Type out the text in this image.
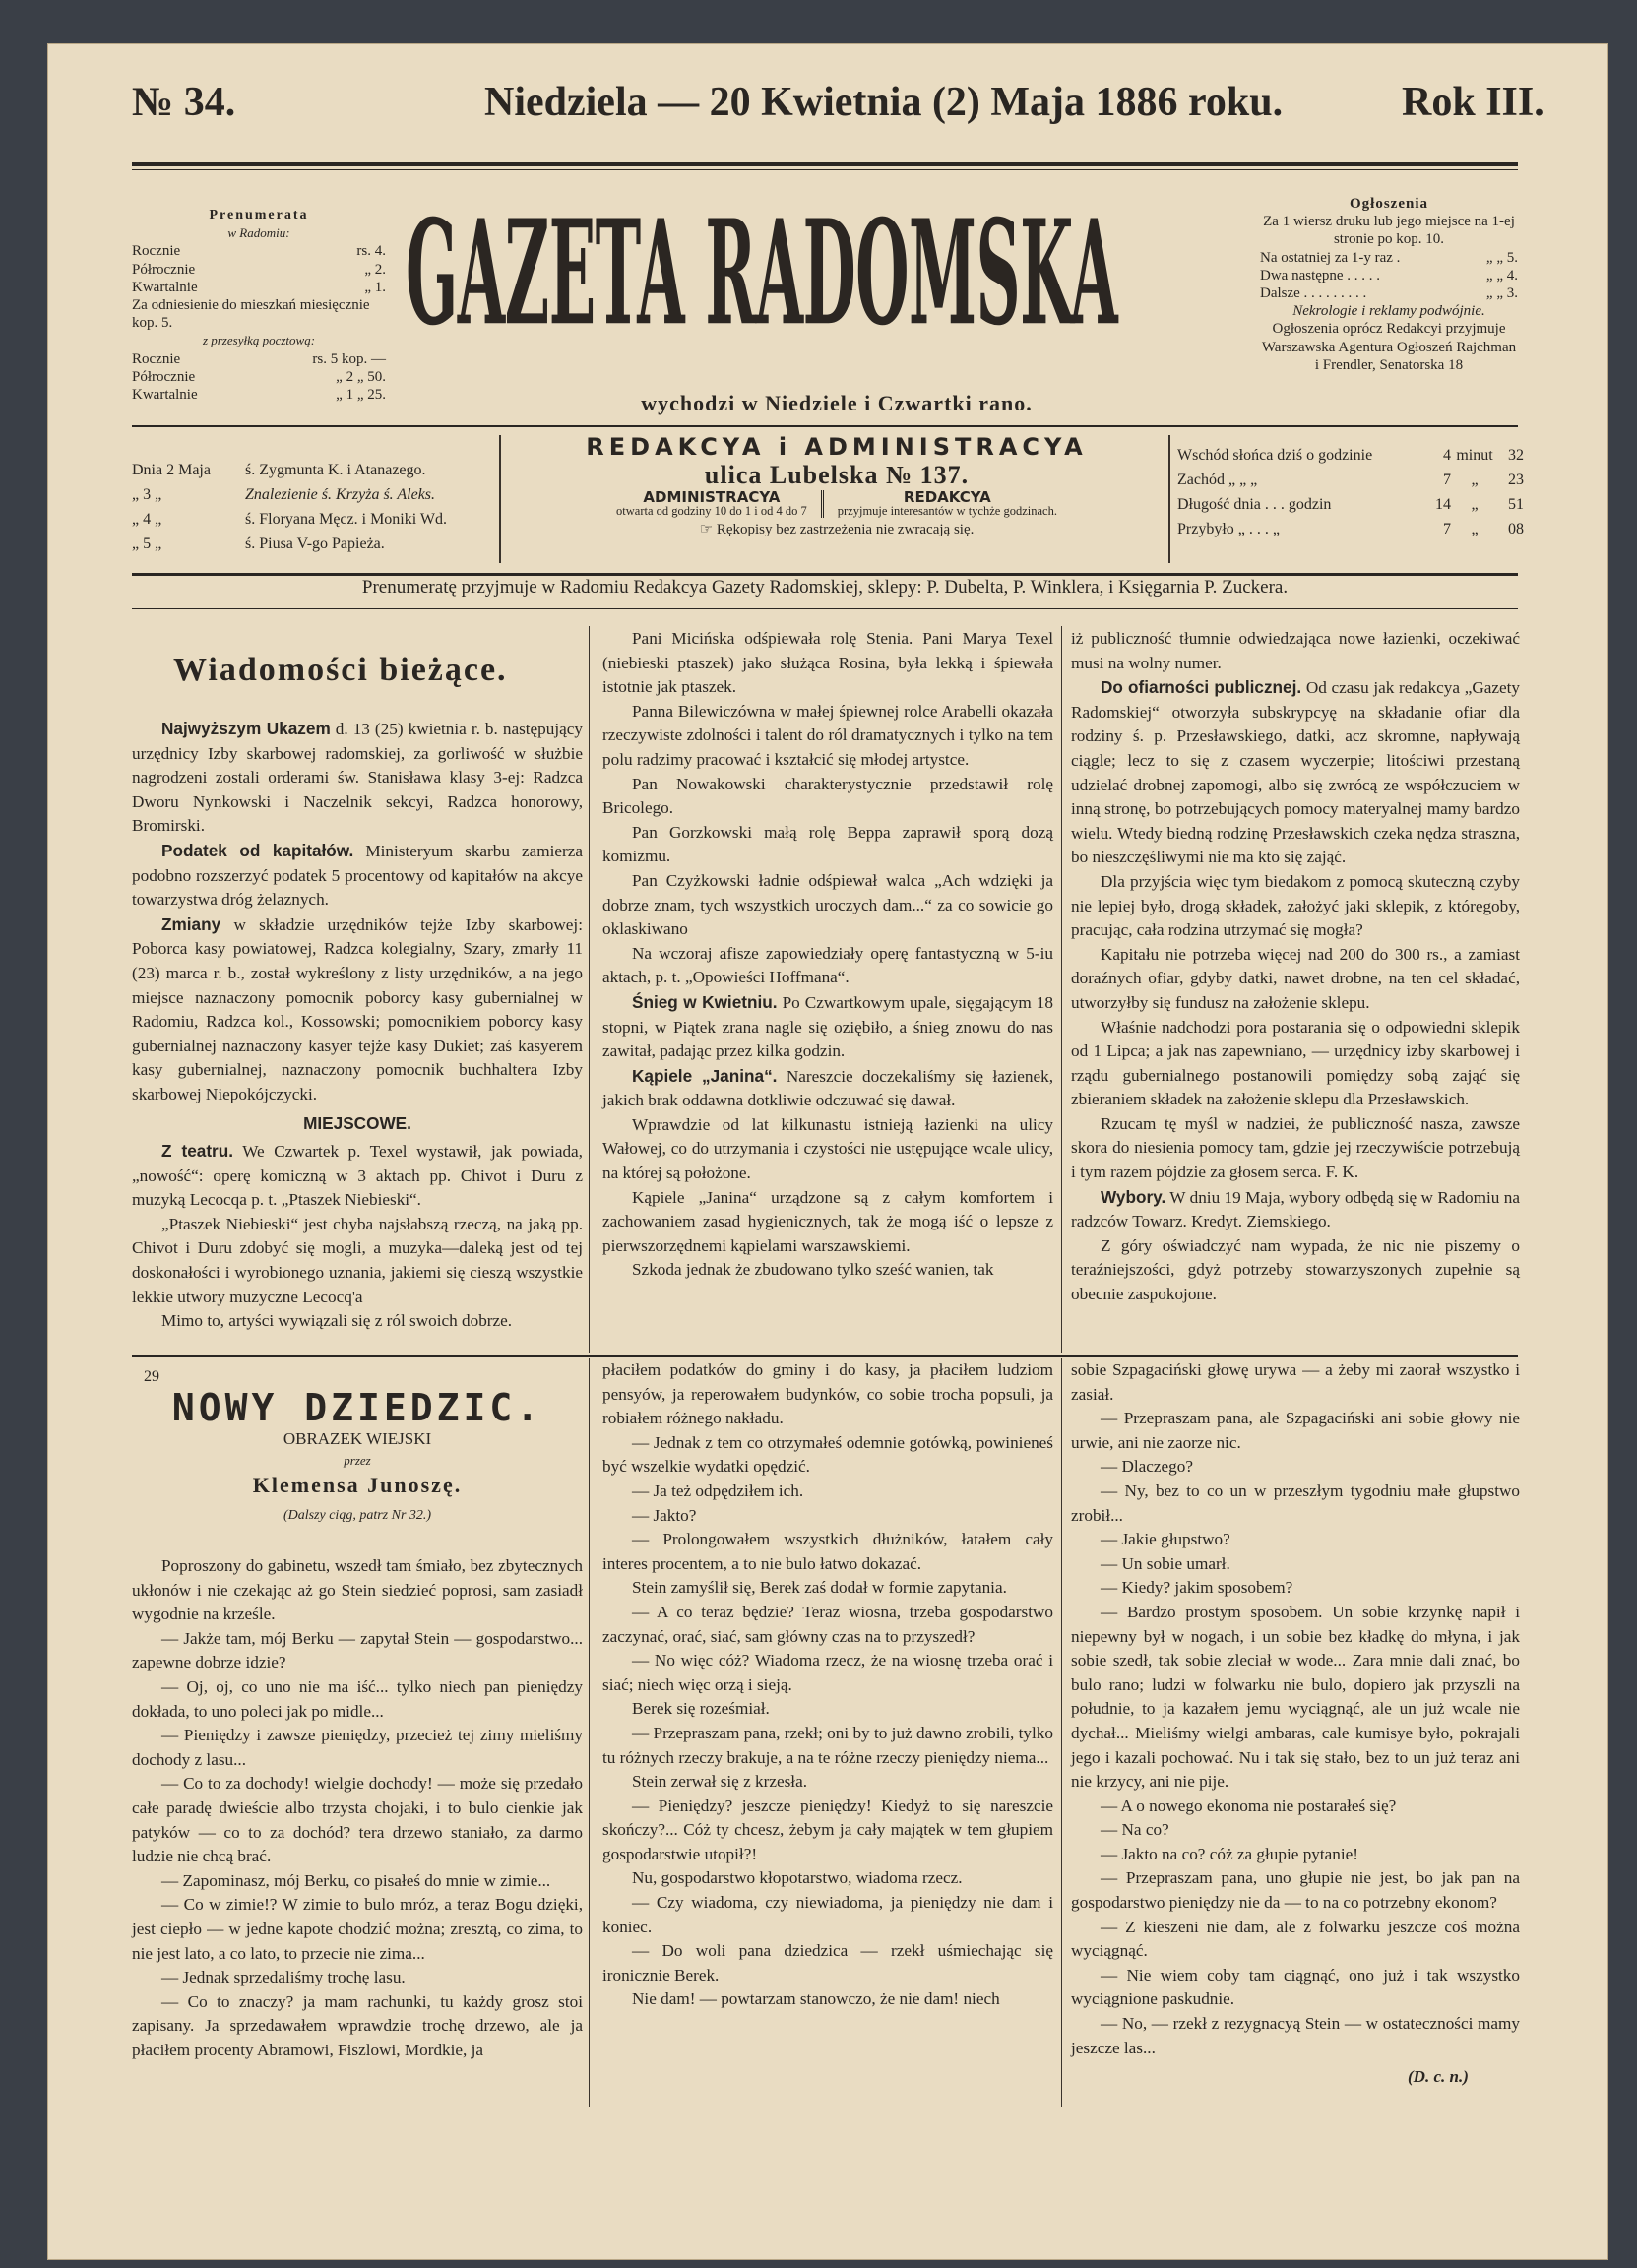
№ 34.	Niedziela — 20 Kwietnia (2) Maja 1886 roku.	Rok III.
Prenumerata
w Radomiu:
Rocznie	rs. 4.
Półrocznie	„ 2.
Kwartalnie	„ 1.
Za odniesienie do mieszkań miesięcznie kop. 5.
z przesyłką pocztową:
Rocznie	rs. 5 kop. —
Półrocznie	„ 2 „ 50.
Kwartalnie	„ 1 „ 25.
GAZETA RADOMSKA
wychodzi w Niedziele i Czwartki rano.
Ogłoszenia
Za 1 wiersz druku lub jego miejsce na 1-ej stronie po kop. 10.
Na ostatniej za 1-y raz .	„ „ 5.
Dwa następne . . . . .	„ „ 4.
Dalsze . . . . . . . . .	„ „ 3.
Nekrologie i reklamy podwójnie.
Ogłoszenia oprócz Redakcyi przyjmuje Warszawska Agentura Ogłoszeń Rajchman i Frendler, Senatorska 18
Dnia 2 Maja ś. Zygmunta K. i Atanazego.
„ 3 „	Znalezienie ś. Krzyża ś. Aleks.
„ 4 „	ś. Floryana Męcz. i Moniki Wd.
„ 5 „	ś. Piusa V-go Papieża.
REDAKCYA i ADMINISTRACYA
ulica Lubelska № 137.
ADMINISTRACYA
otwarta od godziny 10 do 1 i od 4 do 7
REDAKCYA
przyjmuje interesantów w tychże godzinach.
☞ Rękopisy bez zastrzeżenia nie zwracają się.
Wschód słońca dziś o godzinie	4 minut 32
Zachód „ „ „	7	„	23
Długość dnia . . . godzin	14	„	51
Przybyło „ . . . „	7	„	08
Prenumeratę przyjmuje w Radomiu Redakcya Gazety Radomskiej, sklepy: P. Dubelta, P. Winklera, i Księgarnia P. Zuckera.
Wiadomości bieżące.

Najwyższym Ukazem d. 13 (25) kwietnia r. b. następujący urzędnicy Izby skarbowej radomskiej, za gorliwość w służbie nagrodzeni zostali orderami św. Stanisława klasy 3-ej: Radzca Dworu Nynkowski i Naczelnik sekcyi, Radzca honorowy, Bromirski.

Podatek od kapitałów. Ministeryum skarbu zamierza podobno rozszerzyć podatek 5 procentowy od kapitałów na akcye towarzystwa dróg żelaznych.

Zmiany w składzie urzędników tejże Izby skarbowej: Poborca kasy powiatowej, Radzca kolegialny, Szary, zmarły 11 (23) marca r. b., został wykreślony z listy urzędników, a na jego miejsce naznaczony pomocnik poborcy kasy gubernialnej w Radomiu, Radzca kol., Kossowski; pomocnikiem poborcy kasy gubernialnej naznaczony kasyer tejże kasy Dukiet; zaś kasyerem kasy gubernialnej, naznaczony pomocnik buchhaltera Izby skarbowej Niepokójczycki.

MIEJSCOWE.

Z teatru. We Czwartek p. Texel wystawił, jak powiada, „nowość“: operę komiczną w 3 aktach pp. Chivot i Duru z muzyką Lecocqa p. t. „Ptaszek Niebieski“.

„Ptaszek Niebieski“ jest chyba najsłabszą rzeczą, na jaką pp. Chivot i Duru zdobyć się mogli, a muzyka—daleką jest od tej doskonałości i wyrobionego uznania, jakiemi się cieszą wszystkie lekkie utwory muzyczne Lecocq'a

Mimo to, artyści wywiązali się z ról swoich dobrze.

Pani Micińska odśpiewała rolę Stenia. Pani Marya Texel (niebieski ptaszek) jako służąca Rosina, była lekką i śpiewała istotnie jak ptaszek.

Panna Bilewiczówna w małej śpiewnej rolce Arabelli okazała rzeczywiste zdolności i talent do ról dramatycznych i tylko na tem polu radzimy pracować i kształcić się młodej artystce.

Pan Nowakowski charakterystycznie przedstawił rolę Bricolego.

Pan Gorzkowski małą rolę Beppa zaprawił sporą dozą komizmu.

Pan Czyżkowski ładnie odśpiewał walca „Ach wdzięki ja dobrze znam, tych wszystkich uroczych dam...“ za co sowicie go oklaskiwano

Na wczoraj afisze zapowiedziały operę fantastyczną w 5-iu aktach, p. t. „Opowieści Hoffmana“.

Śnieg w Kwietniu. Po Czwartkowym upale, sięgającym 18 stopni, w Piątek zrana nagle się oziębiło, a śnieg znowu do nas zawitał, padając przez kilka godzin.

Kąpiele „Janina“. Nareszcie doczekaliśmy się łazienek, jakich brak oddawna dotkliwie odczuwać się dawał.

Wprawdzie od lat kilkunastu istnieją łazienki na ulicy Wałowej, co do utrzymania i czystości nie ustępujące wcale ulicy, na której są położone.

Kąpiele „Janina“ urządzone są z całym komfortem i zachowaniem zasad hygienicznych, tak że mogą iść o lepsze z pierwszorzędnemi kąpielami warszawskiemi.

Szkoda jednak że zbudowano tylko sześć wanien, tak

iż publiczność tłumnie odwiedzająca nowe łazienki, oczekiwać musi na wolny numer.

Do ofiarności publicznej. Od czasu jak redakcya „Gazety Radomskiej“ otworzyła subskrypcyę na składanie ofiar dla rodziny ś. p. Przesławskiego, datki, acz skromne, napływają ciągle; lecz to się z czasem wyczerpie; litościwi przestaną udzielać drobnej zapomogi, albo się zwrócą ze współczuciem w inną stronę, bo potrzebujących pomocy materyalnej mamy bardzo wielu. Wtedy biedną rodzinę Przesławskich czeka nędza straszna, bo nieszczęśliwymi nie ma kto się zająć.

Dla przyjścia więc tym biedakom z pomocą skuteczną czyby nie lepiej było, drogą składek, założyć jaki sklepik, z któregoby, pracując, cała rodzina utrzymać się mogła?

Kapitału nie potrzeba więcej nad 200 do 300 rs., a zamiast doraźnych ofiar, gdyby datki, nawet drobne, na ten cel składać, utworzyłby się fundusz na założenie sklepu.

Właśnie nadchodzi pora postarania się o odpowiedni sklepik od 1 Lipca; a jak nas zapewniano, — urzędnicy izby skarbowej i rządu gubernialnego postanowili pomiędzy sobą zająć się zbieraniem składek na założenie sklepu dla Przesławskich.

Rzucam tę myśl w nadziei, że publiczność nasza, zawsze skora do niesienia pomocy tam, gdzie jej rzeczywiście potrzebują i tym razem pójdzie za głosem serca. F. K.

Wybory. W dniu 19 Maja, wybory odbędą się w Radomiu na radzców Towarz. Kredyt. Ziemskiego.

Z góry oświadczyć nam wypada, że nic nie piszemy o teraźniejszości, gdyż potrzeby stowarzyszonych zupełnie są obecnie zaspokojone.

29
NOWY DZIEDZIC.
OBRAZEK WIEJSKI
przez
Klemensa Junoszę.
(Dalszy ciąg, patrz Nr 32.)

Poproszony do gabinetu, wszedł tam śmiało, bez zbytecznych ukłonów i nie czekając aż go Stein siedzieć poprosi, sam zasiadł wygodnie na krześle.

— Jakże tam, mój Berku — zapytał Stein — gospodarstwo... zapewne dobrze idzie?

— Oj, oj, co uno nie ma iść... tylko niech pan pieniędzy dokłada, to uno poleci jak po midle...

— Pieniędzy i zawsze pieniędzy, przecież tej zimy mieliśmy dochody z lasu...

— Co to za dochody! wielgie dochody! — może się przedało całe paradę dwieście albo trzysta chojaki, i to bulo cienkie jak patyków — co to za dochód? tera drzewo staniało, za darmo ludzie nie chcą brać.

— Zapominasz, mój Berku, co pisałeś do mnie w zimie...

— Co w zimie!? W zimie to bulo mróz, a teraz Bogu dzięki, jest ciepło — w jedne kapote chodzić można; zresztą, co zima, to nie jest lato, a co lato, to przecie nie zima...

— Jednak sprzedaliśmy trochę lasu.

— Co to znaczy? ja mam rachunki, tu każdy grosz stoi zapisany. Ja sprzedawałem wprawdzie trochę drzewo, ale ja płaciłem procenty Abramowi, Fiszlowi, Mordkie, ja

płaciłem podatków do gminy i do kasy, ja płaciłem ludziom pensyów, ja reperowałem budynków, co sobie trocha popsuli, ja robiałem różnego nakładu.

— Jednak z tem co otrzymałeś odemnie gotówką, powinieneś być wszelkie wydatki opędzić.

— Ja też odpędziłem ich.

— Jakto?

— Prolongowałem wszystkich dłużników, łatałem cały interes procentem, a to nie bulo łatwo dokazać.

Stein zamyślił się, Berek zaś dodał w formie zapytania.

— A co teraz będzie? Teraz wiosna, trzeba gospodarstwo zaczynać, orać, siać, sam główny czas na to przyszedł?

— No więc cóż? Wiadoma rzecz, że na wiosnę trzeba orać i siać; niech więc orzą i sieją.

Berek się roześmiał.

— Przepraszam pana, rzekł; oni by to już dawno zrobili, tylko tu różnych rzeczy brakuje, a na te różne rzeczy pieniędzy niema...

Stein zerwał się z krzesła.

— Pieniędzy? jeszcze pieniędzy! Kiedyż to się nareszcie skończy?... Cóż ty chcesz, żebym ja cały majątek w tem głupiem gospodarstwie utopił?!

Nu, gospodarstwo kłopotarstwo, wiadoma rzecz.

— Czy wiadoma, czy niewiadoma, ja pieniędzy nie dam i koniec.

— Do woli pana dziedzica — rzekł uśmiechając się ironicznie Berek.

Nie dam! — powtarzam stanowczo, że nie dam! niech

sobie Szpagaciński głowę urywa — a żeby mi zaorał wszystko i zasiał.

— Przepraszam pana, ale Szpagaciński ani sobie głowy nie urwie, ani nie zaorze nic.

— Dlaczego?

— Ny, bez to co un w przeszłym tygodniu małe głupstwo zrobił...

— Jakie głupstwo?

— Un sobie umarł.

— Kiedy? jakim sposobem?

— Bardzo prostym sposobem. Un sobie krzynkę napił i niepewny był w nogach, i un sobie bez kładkę do młyna, i jak sobie szedł, tak sobie zleciał w wode... Zara mnie dali znać, bo bulo rano; ludzi w folwarku nie bulo, dopiero jak przyszli na południe, to ja kazałem jemu wyciągnąć, ale un już wcale nie dychał... Mieliśmy wielgi ambaras, cale kumisye było, pokrajali jego i kazali pochować. Nu i tak się stało, bez to un już teraz ani nie krzycy, ani nie pije.

— A o nowego ekonoma nie postarałeś się?

— Na co?

— Jakto na co? cóż za głupie pytanie!

— Przepraszam pana, uno głupie nie jest, bo jak pan na gospodarstwo pieniędzy nie da — to na co potrzebny ekonom?

— Z kieszeni nie dam, ale z folwarku jeszcze coś można wyciągnąć.

— Nie wiem coby tam ciągnąć, ono już i tak wszystko wyciągnione paskudnie.

— No, — rzekł z rezygnacyą Stein — w ostateczności mamy jeszcze las...

(D. c. n.)
